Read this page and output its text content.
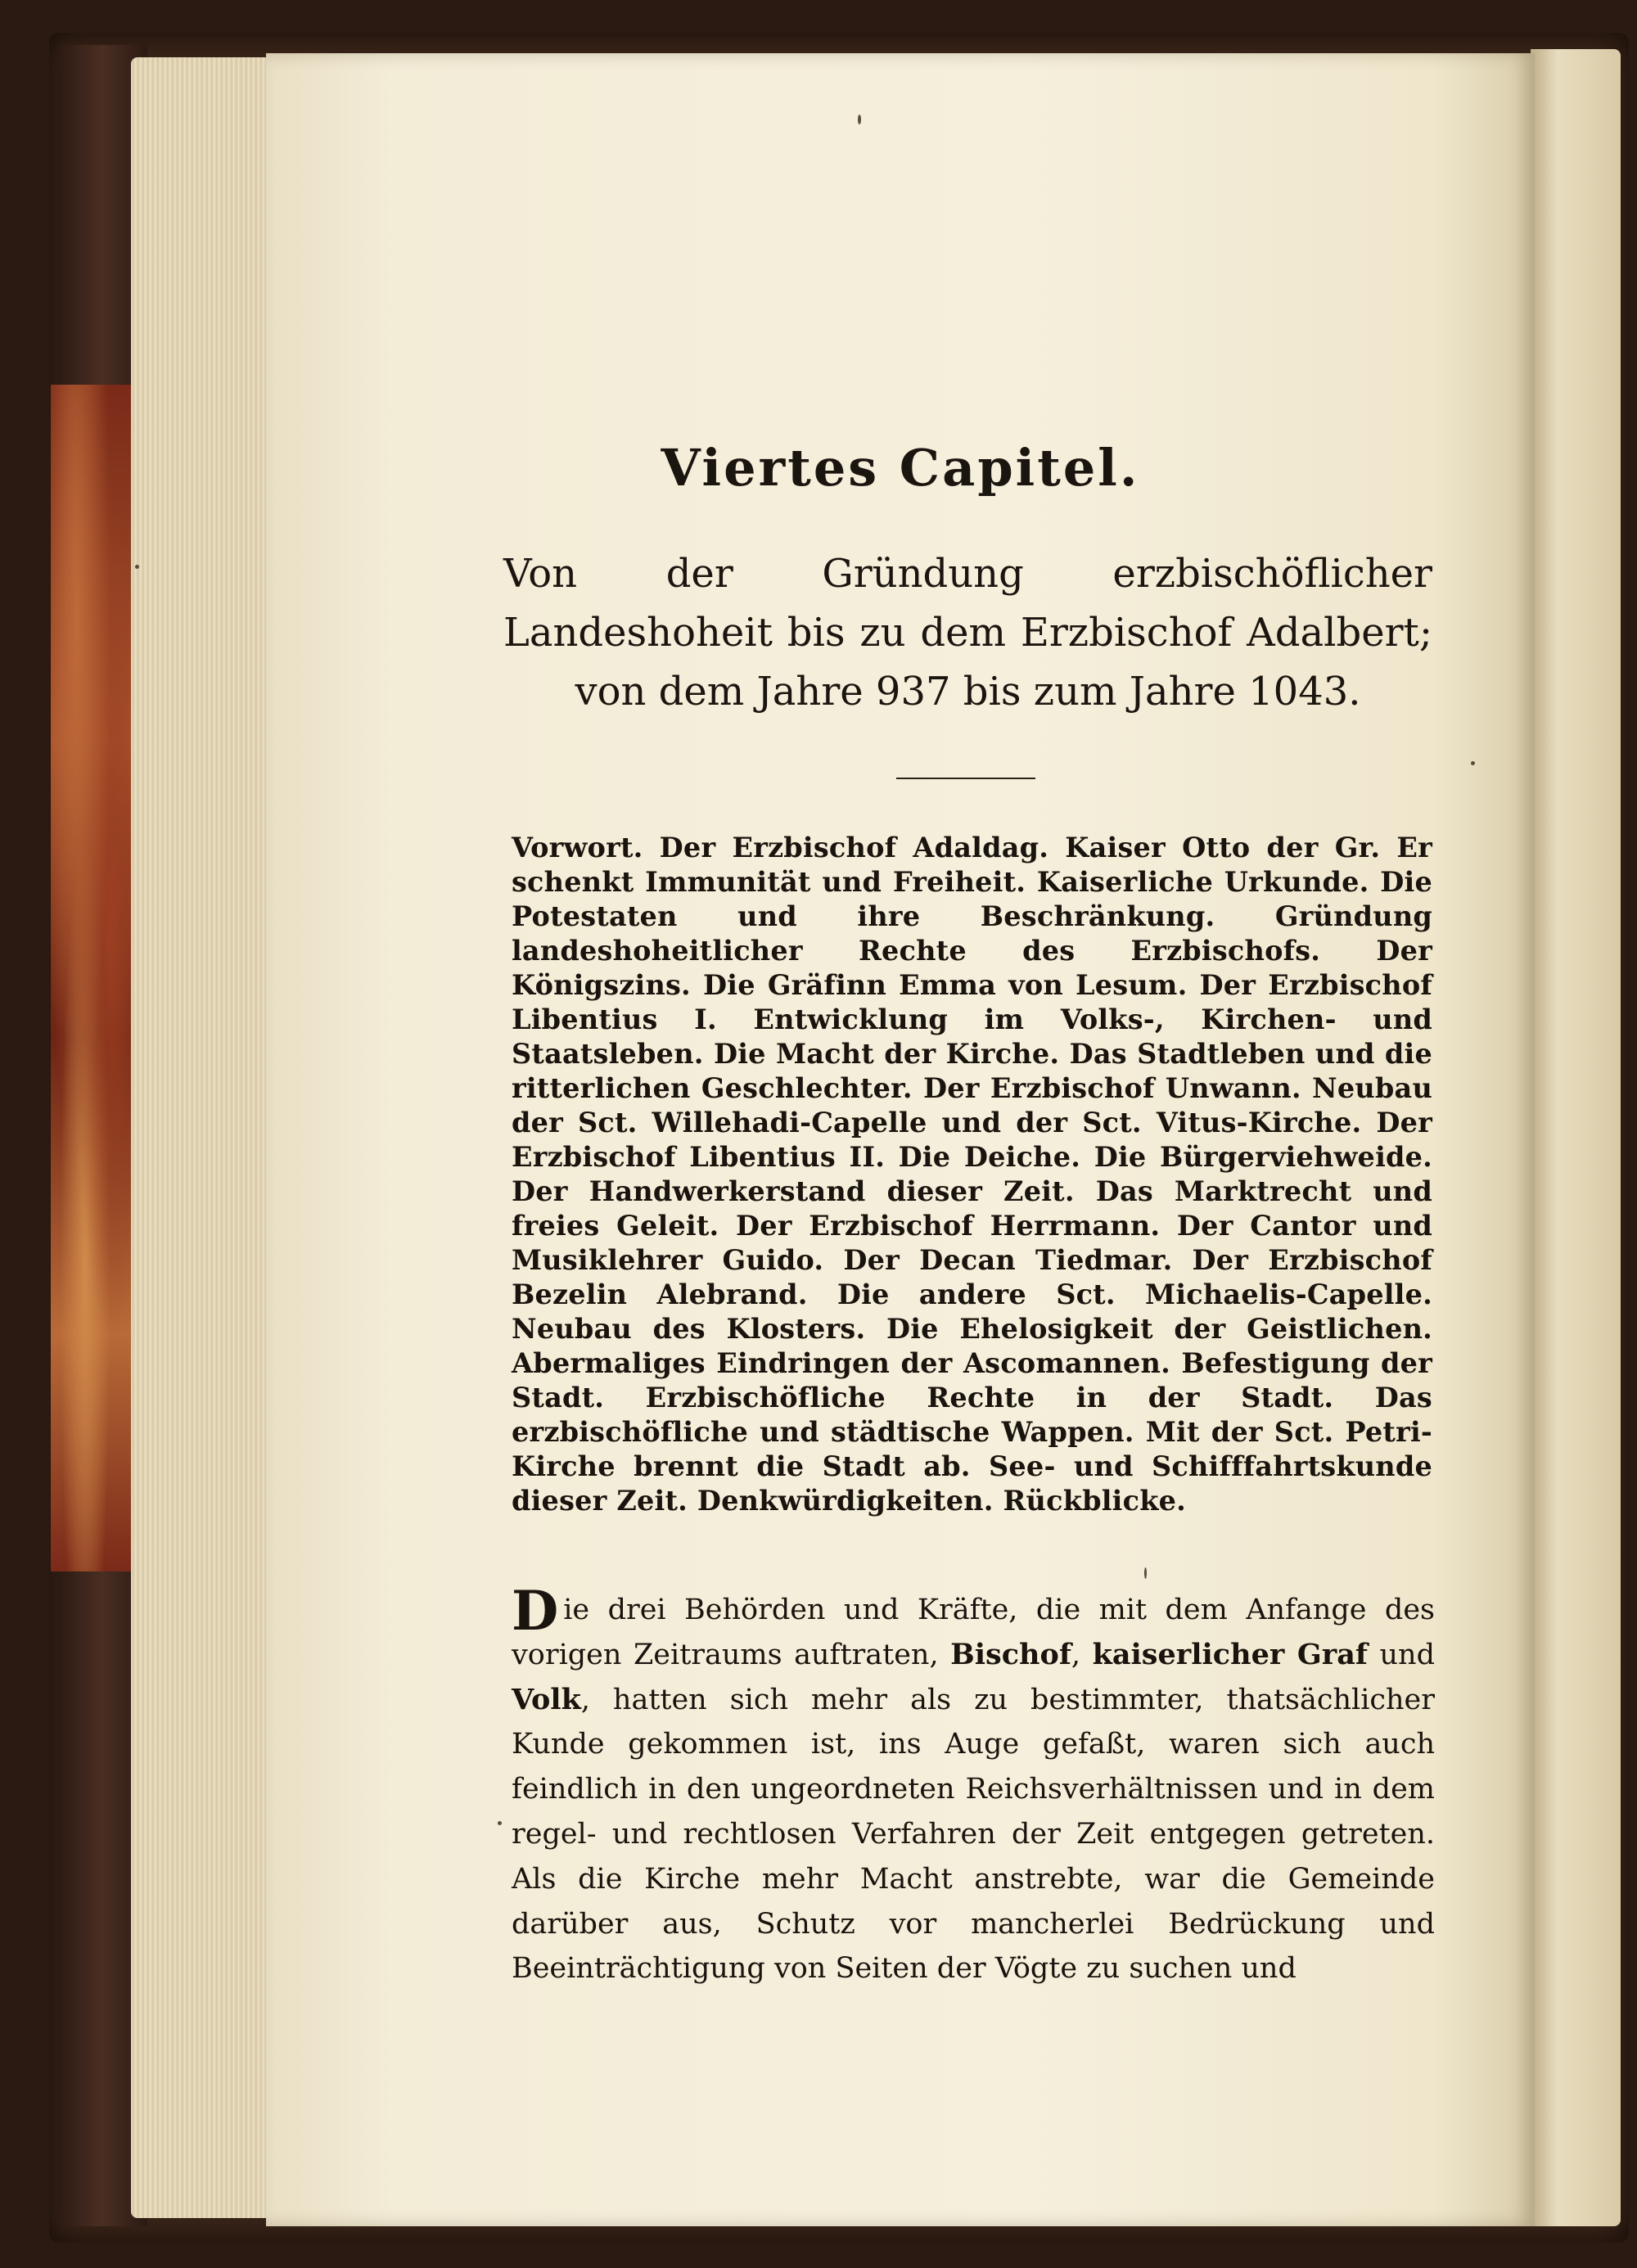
Viertes Capitel.
Von der Gründung erzbischöflicher Landeshoheit bis zu dem Erzbischof Adalbert; von dem Jahre 937 bis zum Jahre 1043.
Vorwort. Der Erzbischof Adaldag. Kaiser Otto der Gr. Er schenkt Immunität und Freiheit. Kaiserliche Urkunde. Die Potestaten und ihre Beschränkung. Gründung landeshoheitlicher Rechte des Erzbischofs. Der Königszins. Die Gräfinn Emma von Lesum. Der Erzbischof Libentius I. Entwicklung im Volks-, Kirchen- und Staatsleben. Die Macht der Kirche. Das Stadtleben und die ritterlichen Geschlechter. Der Erzbischof Unwann. Neubau der Sct. Willehadi-Capelle und der Sct. Vitus-Kirche. Der Erzbischof Libentius II. Die Deiche. Die Bürgerviehweide. Der Handwerkerstand dieser Zeit. Das Marktrecht und freies Geleit. Der Erzbischof Herrmann. Der Cantor und Musiklehrer Guido. Der Decan Tiedmar. Der Erzbischof Bezelin Alebrand. Die andere Sct. Michaelis-Capelle. Neubau des Klosters. Die Ehelosigkeit der Geistlichen. Abermaliges Eindringen der Ascomannen. Befestigung der Stadt. Erzbischöfliche Rechte in der Stadt. Das erzbischöfliche und städtische Wappen. Mit der Sct. Petri-Kirche brennt die Stadt ab. See- und Schifffahrtskunde dieser Zeit. Denkwürdigkeiten. Rückblicke.
Die drei Behörden und Kräfte, die mit dem Anfange des vorigen Zeitraums auftraten, Bischof, kaiserlicher Graf und Volk, hatten sich mehr als zu bestimmter, thatsächlicher Kunde gekommen ist, ins Auge gefaßt, waren sich auch feindlich in den ungeordneten Reichsverhältnissen und in dem regel- und rechtlosen Verfahren der Zeit entgegen getreten. Als die Kirche mehr Macht anstrebte, war die Gemeinde darüber aus, Schutz vor mancherlei Bedrückung und Beeinträchtigung von Seiten der Vögte zu suchen und
